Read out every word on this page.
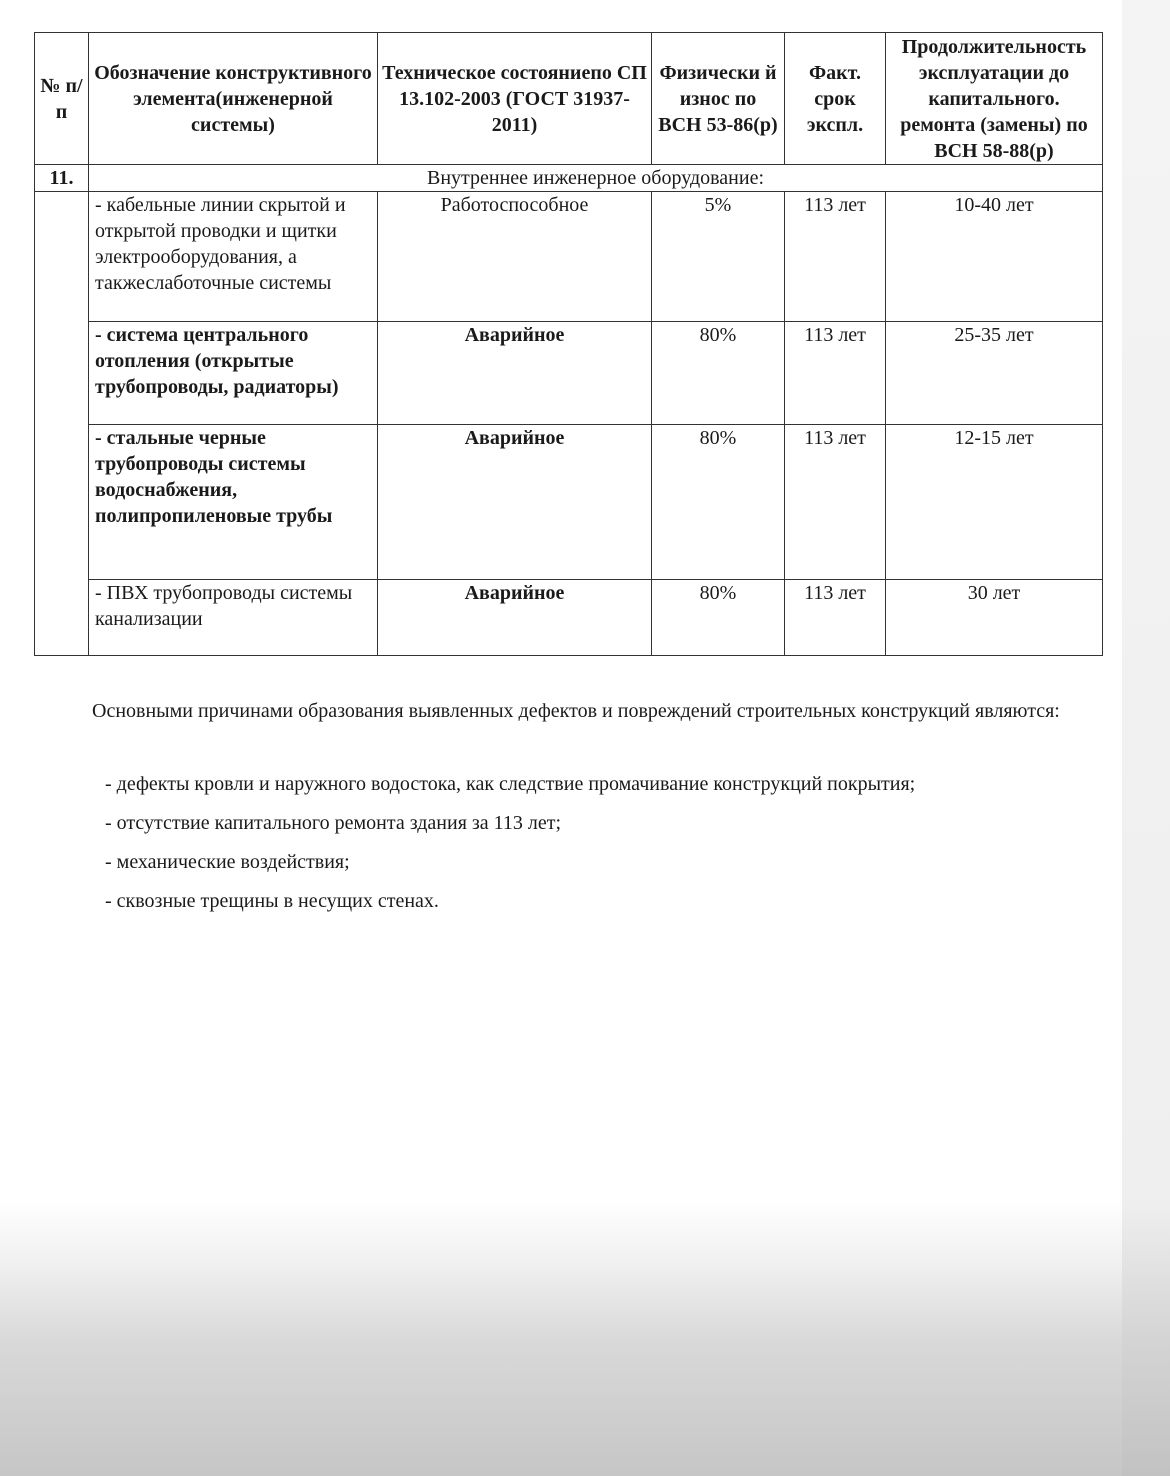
№ п/п	Обозначение конструктивного элемента(инженерной системы)	Техническое состояниепо СП 13.102-2003 (ГОСТ 31937-2011)	Физически й износ по ВСН 53-86(р)	Факт. срок экспл.	Продолжительность эксплуатации до капитального. ремонта (замены) по ВСН 58-88(р)
11.	Внутреннее инженерное оборудование:				
	- кабельные линии скрытой и открытой проводки и щитки электрооборудования, а такжеслаботочные системы	Работоспособное	5%	113 лет	10-40 лет
	- система центрального отопления (открытые трубопроводы, радиаторы)	Аварийное	80%	113 лет	25-35 лет
	- стальные черные трубопроводы системы водоснабжения, полипропиленовые трубы	Аварийное	80%	113 лет	12-15 лет
	- ПВХ трубопроводы системы канализации	Аварийное	80%	113 лет	30 лет

Основными причинами образования выявленных дефектов и повреждений строительных конструкций являются:

- дефекты кровли и наружного водостока, как следствие промачивание конструкций покрытия;

- отсутствие капитального ремонта здания за 113 лет;

- механические воздействия;

- сквозные трещины в несущих стенах.
